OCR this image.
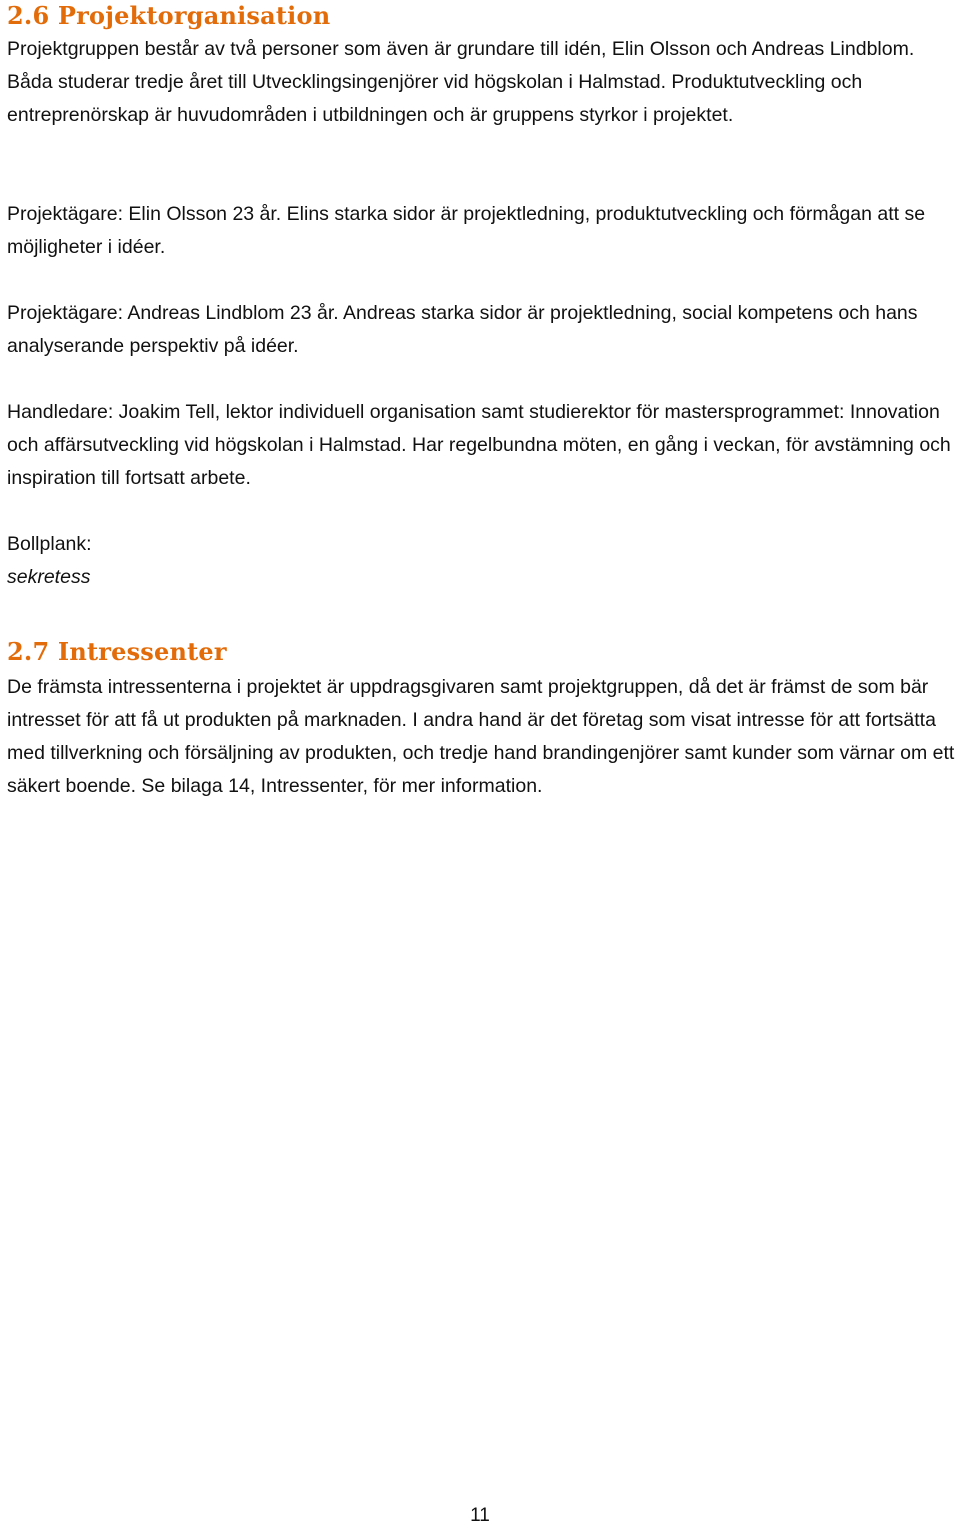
2.6 Projektorganisation

Projektgruppen består av två personer som även är grundare till idén, Elin Olsson och Andreas Lindblom. Båda studerar tredje året till Utvecklingsingenjörer vid högskolan i Halmstad. Produktutveckling och entreprenörskap är huvudområden i utbildningen och är gruppens styrkor i projektet.

Projektägare: Elin Olsson 23 år. Elins starka sidor är projektledning, produktutveckling och förmågan att se möjligheter i idéer.

Projektägare: Andreas Lindblom 23 år. Andreas starka sidor är projektledning, social kompetens och hans analyserande perspektiv på idéer.

Handledare: Joakim Tell, lektor individuell organisation samt studierektor för mastersprogrammet: Innovation och affärsutveckling vid högskolan i Halmstad. Har regelbundna möten, en gång i veckan, för avstämning och inspiration till fortsatt arbete.

Bollplank:
sekretess

2.7 Intressenter

De främsta intressenterna i projektet är uppdragsgivaren samt projektgruppen, då det är främst de som bär intresset för att få ut produkten på marknaden. I andra hand är det företag som visat intresse för att fortsätta med tillverkning och försäljning av produkten, och tredje hand brandingenjörer samt kunder som värnar om ett säkert boende. Se bilaga 14, Intressenter, för mer information.

11
